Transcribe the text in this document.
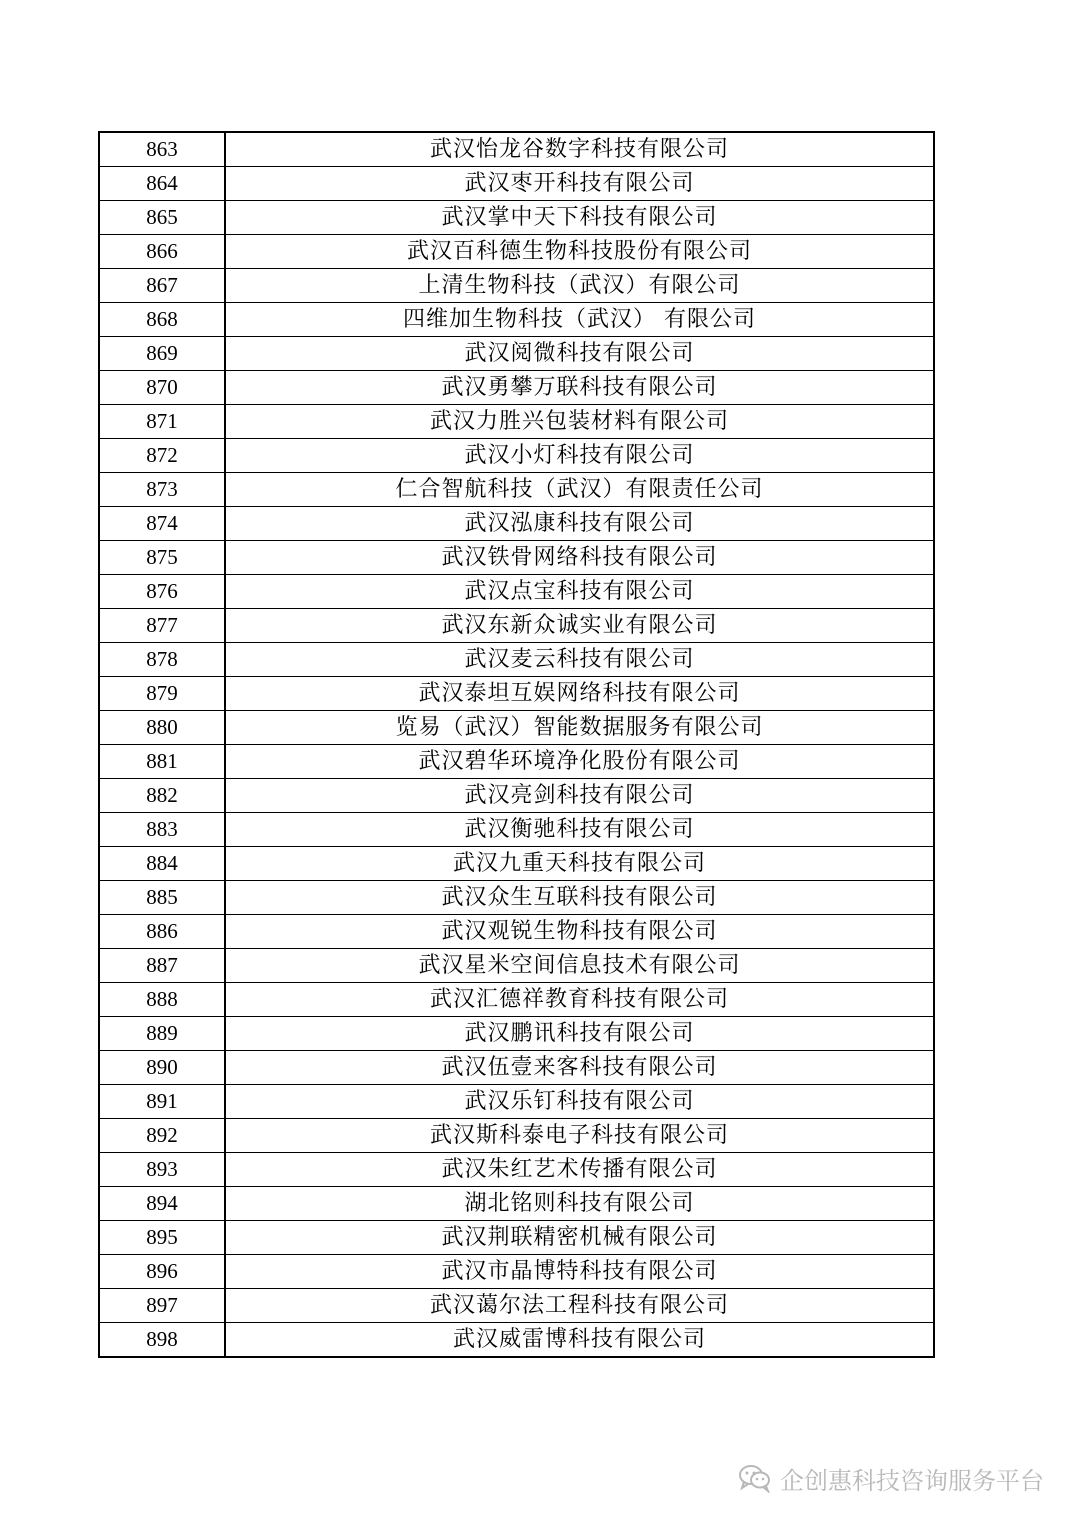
863	武汉怡龙谷数字科技有限公司
864	武汉枣开科技有限公司
865	武汉掌中天下科技有限公司
866	武汉百科德生物科技股份有限公司
867	上清生物科技（武汉）有限公司
868	四维加生物科技（武汉） 有限公司
869	武汉阅微科技有限公司
870	武汉勇攀万联科技有限公司
871	武汉力胜兴包装材料有限公司
872	武汉小灯科技有限公司
873	仁合智航科技（武汉）有限责任公司
874	武汉泓康科技有限公司
875	武汉铁骨网络科技有限公司
876	武汉点宝科技有限公司
877	武汉东新众诚实业有限公司
878	武汉麦云科技有限公司
879	武汉泰坦互娱网络科技有限公司
880	览易（武汉）智能数据服务有限公司
881	武汉碧华环境净化股份有限公司
882	武汉亮剑科技有限公司
883	武汉衡驰科技有限公司
884	武汉九重天科技有限公司
885	武汉众生互联科技有限公司
886	武汉观锐生物科技有限公司
887	武汉星米空间信息技术有限公司
888	武汉汇德祥教育科技有限公司
889	武汉鹏讯科技有限公司
890	武汉伍壹来客科技有限公司
891	武汉乐钉科技有限公司
892	武汉斯科泰电子科技有限公司
893	武汉朱红艺术传播有限公司
894	湖北铭则科技有限公司
895	武汉荆联精密机械有限公司
896	武汉市晶博特科技有限公司
897	武汉蔼尔法工程科技有限公司
898	武汉威雷博科技有限公司
企创惠科技咨询服务平台
